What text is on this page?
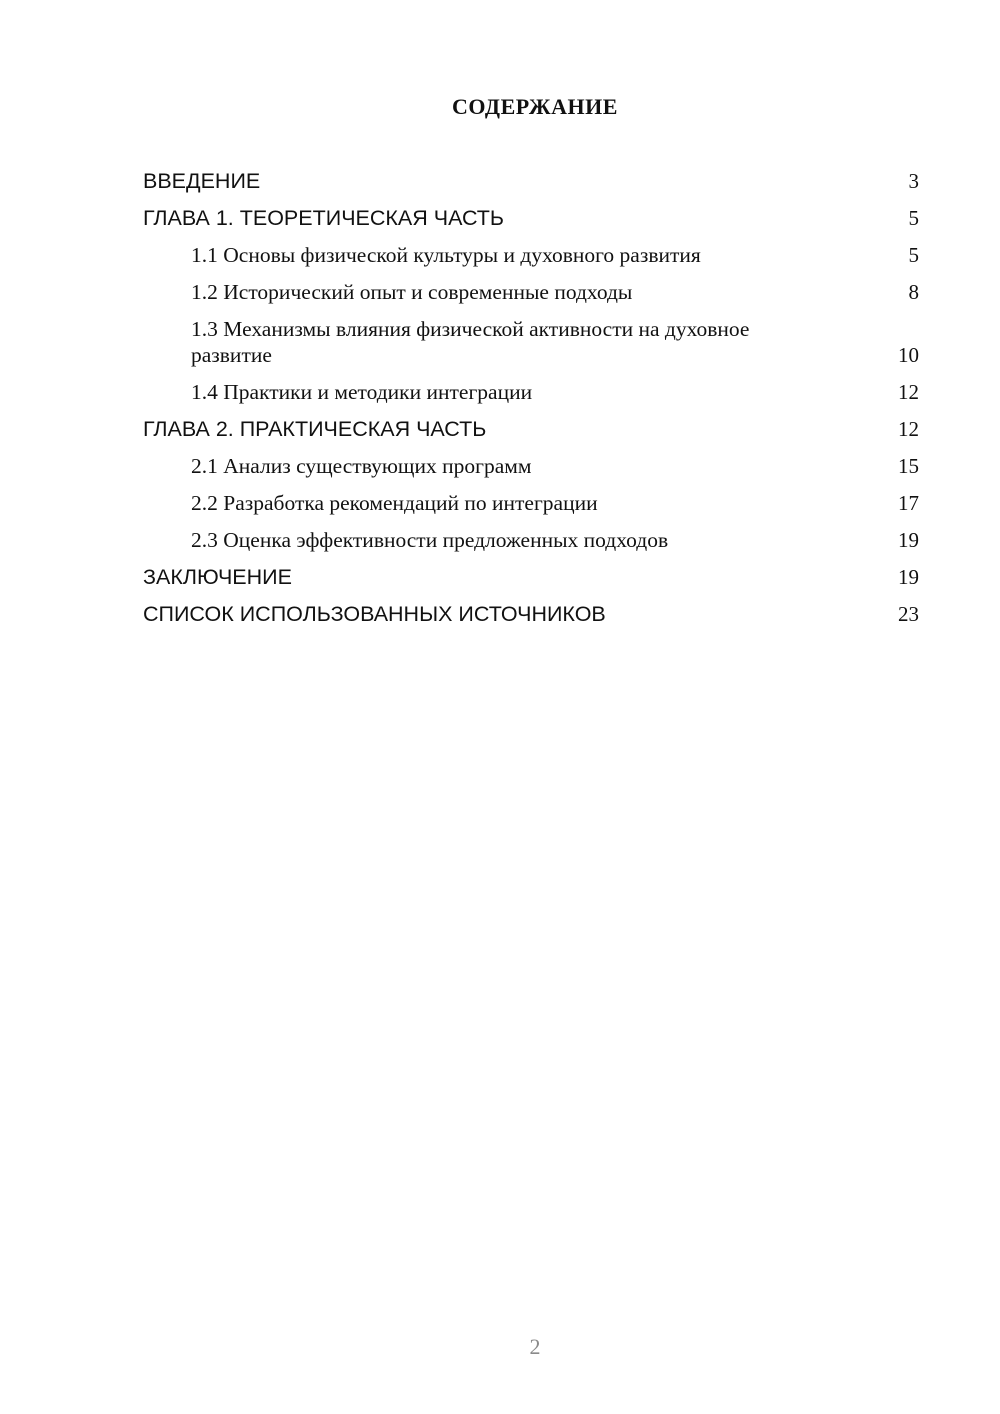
СОДЕРЖАНИЕ
ВВЕДЕНИЕ	3
ГЛАВА 1. ТЕОРЕТИЧЕСКАЯ ЧАСТЬ	5
1.1 Основы физической культуры и духовного развития	5
1.2 Исторический опыт и современные подходы	8
1.3 Механизмы влияния физической активности на духовное развитие	10
1.4 Практики и методики интеграции	12
ГЛАВА 2. ПРАКТИЧЕСКАЯ ЧАСТЬ	12
2.1 Анализ существующих программ	15
2.2 Разработка рекомендаций по интеграции	17
2.3 Оценка эффективности предложенных подходов	19
ЗАКЛЮЧЕНИЕ	19
СПИСОК ИСПОЛЬЗОВАННЫХ ИСТОЧНИКОВ	23
2
